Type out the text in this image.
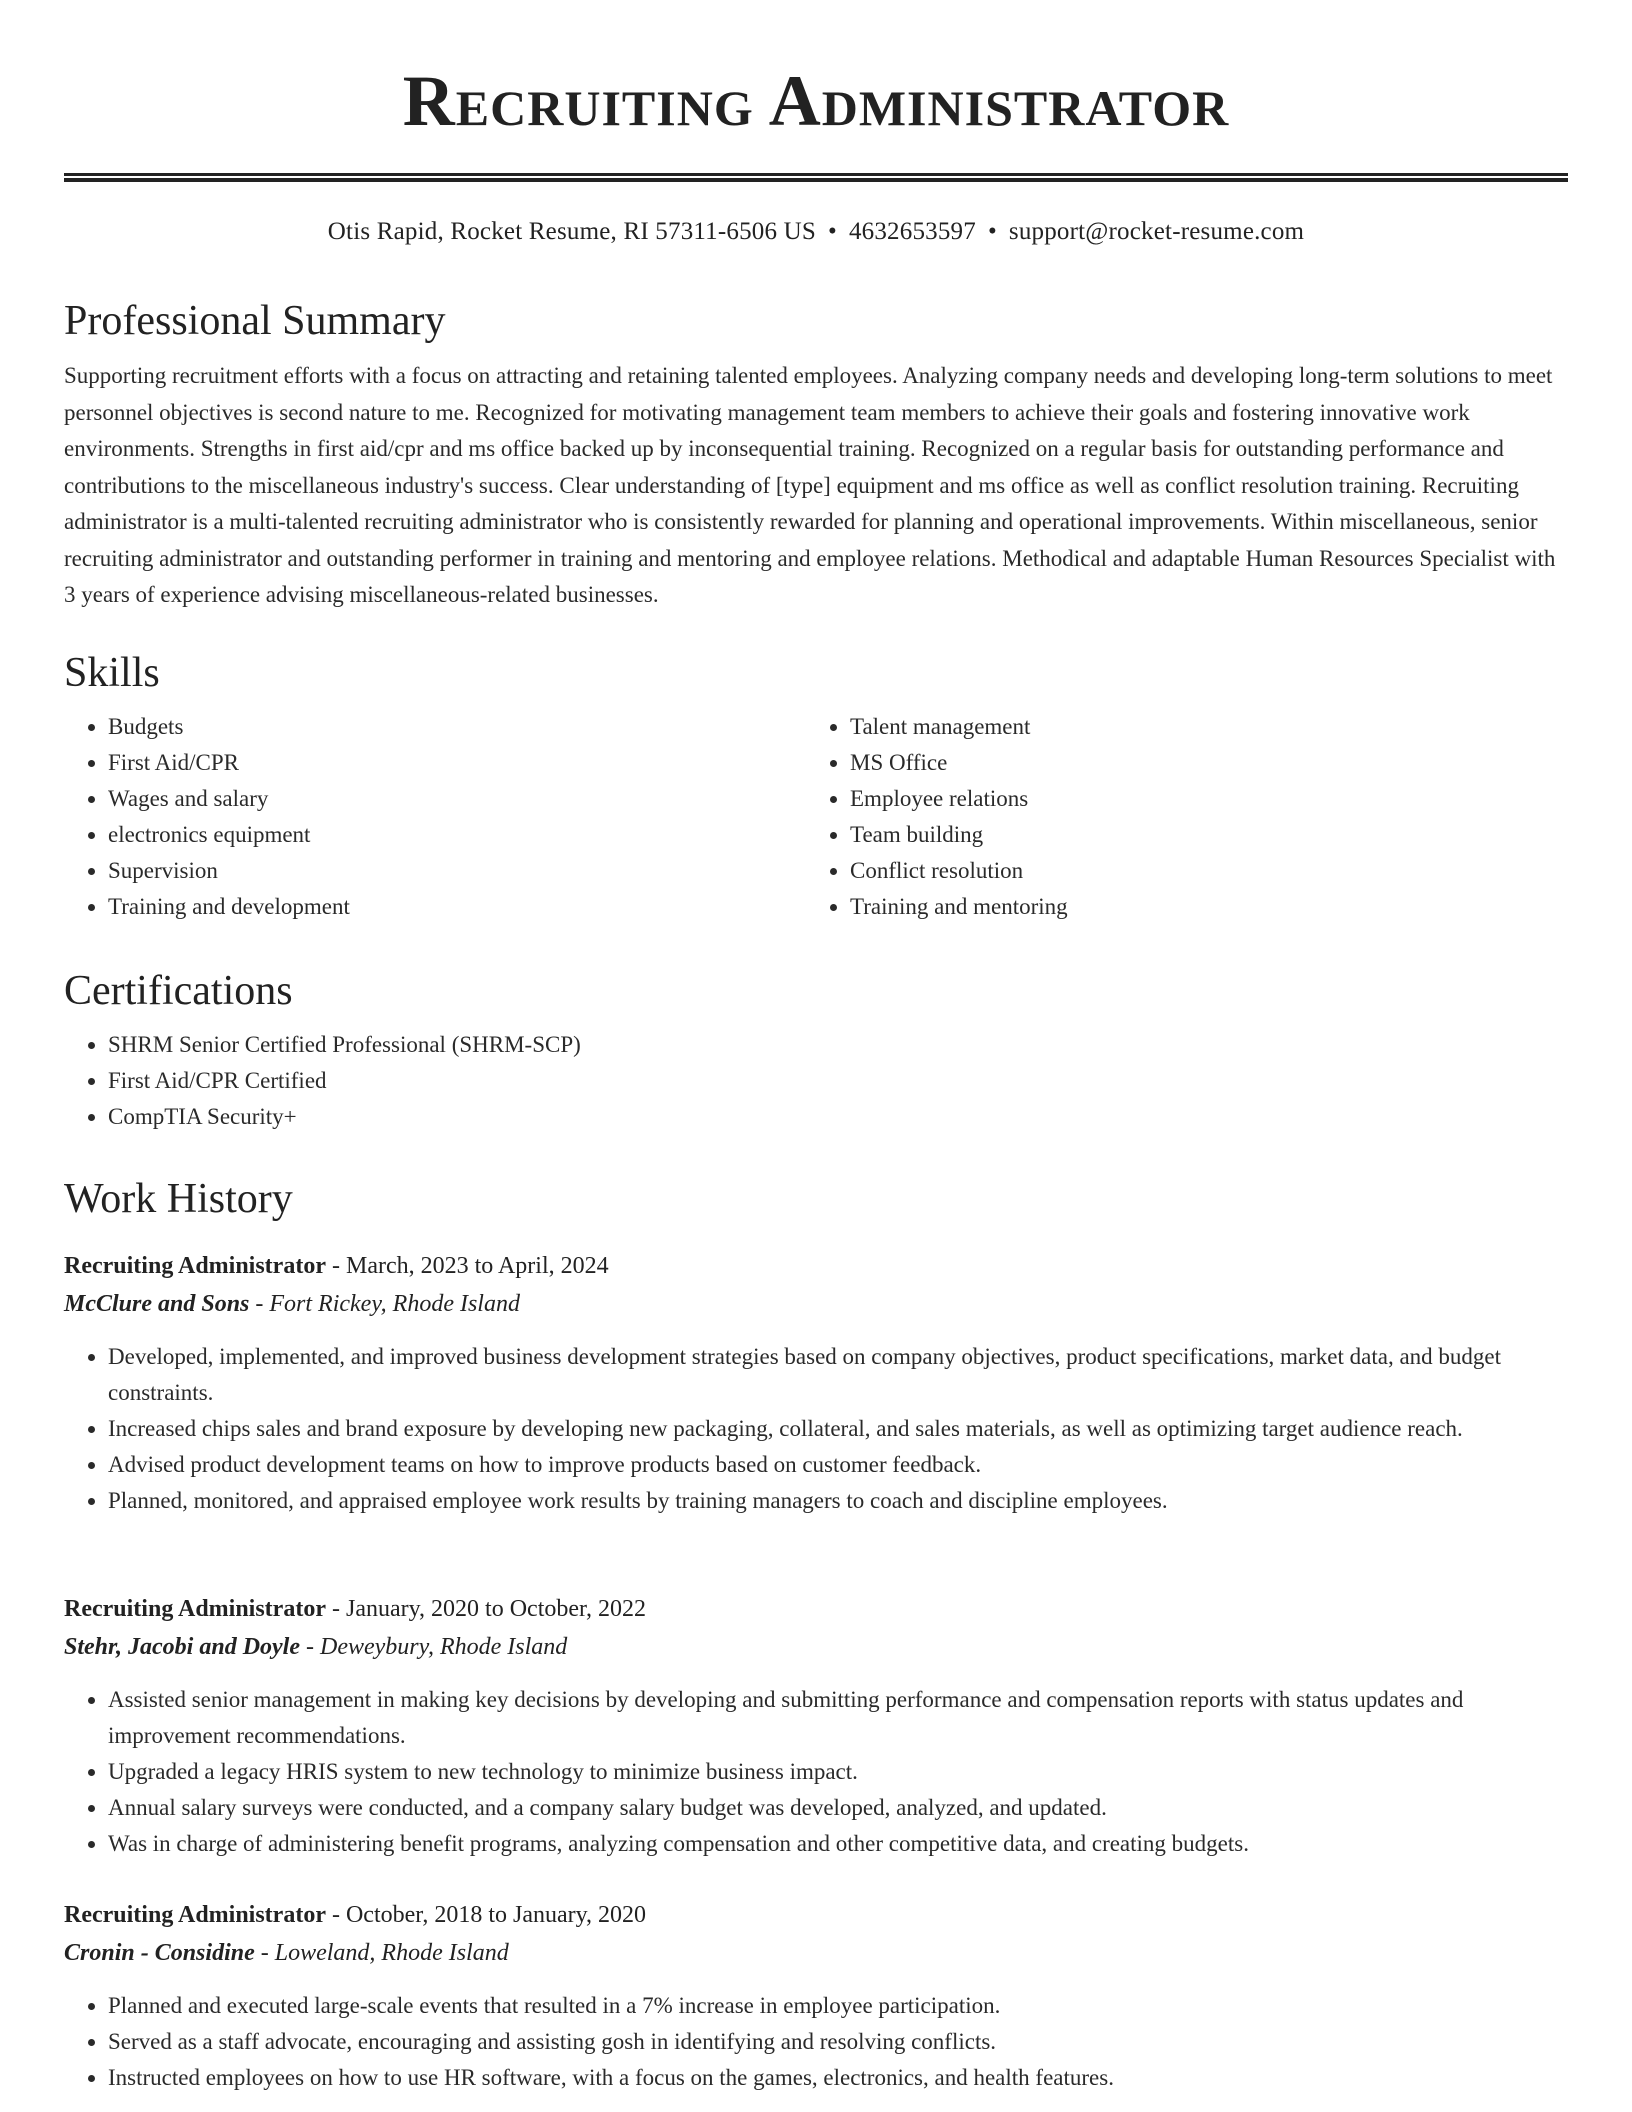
Recruiting Administrator
Otis Rapid, Rocket Resume, RI 57311-6506 US • 4632653597 • support@rocket-resume.com
Professional Summary

Supporting recruitment efforts with a focus on attracting and retaining talented employees. Analyzing company needs and developing long-term solutions to meet personnel objectives is second nature to me. Recognized for motivating management team members to achieve their goals and fostering innovative work environments. Strengths in first aid/cpr and ms office backed up by inconsequential training. Recognized on a regular basis for outstanding performance and contributions to the miscellaneous industry's success. Clear understanding of [type] equipment and ms office as well as conflict resolution training. Recruiting administrator is a multi-talented recruiting administrator who is consistently rewarded for planning and operational improvements. Within miscellaneous, senior recruiting administrator and outstanding performer in training and mentoring and employee relations. Methodical and adaptable Human Resources Specialist with 3 years of experience advising miscellaneous-related businesses.

Skills
• Budgets
• First Aid/CPR
• Wages and salary
• electronics equipment
• Supervision
• Training and development
• Talent management
• MS Office
• Employee relations
• Team building
• Conflict resolution
• Training and mentoring
Certifications
• SHRM Senior Certified Professional (SHRM-SCP)
• First Aid/CPR Certified
• CompTIA Security+
Work History

Recruiting Administrator - March, 2023 to April, 2024

McClure and Sons - Fort Rickey, Rhode Island

• Developed, implemented, and improved business development strategies based on company objectives, product specifications, market data, and budget constraints.
• Increased chips sales and brand exposure by developing new packaging, collateral, and sales materials, as well as optimizing target audience reach.
• Advised product development teams on how to improve products based on customer feedback.
• Planned, monitored, and appraised employee work results by training managers to coach and discipline employees.

Recruiting Administrator - January, 2020 to October, 2022

Stehr, Jacobi and Doyle - Deweybury, Rhode Island

• Assisted senior management in making key decisions by developing and submitting performance and compensation reports with status updates and improvement recommendations.
• Upgraded a legacy HRIS system to new technology to minimize business impact.
• Annual salary surveys were conducted, and a company salary budget was developed, analyzed, and updated.
• Was in charge of administering benefit programs, analyzing compensation and other competitive data, and creating budgets.

Recruiting Administrator - October, 2018 to January, 2020

Cronin - Considine - Loweland, Rhode Island

• Planned and executed large-scale events that resulted in a 7% increase in employee participation.
• Served as a staff advocate, encouraging and assisting gosh in identifying and resolving conflicts.
• Instructed employees on how to use HR software, with a focus on the games, electronics, and health features.
